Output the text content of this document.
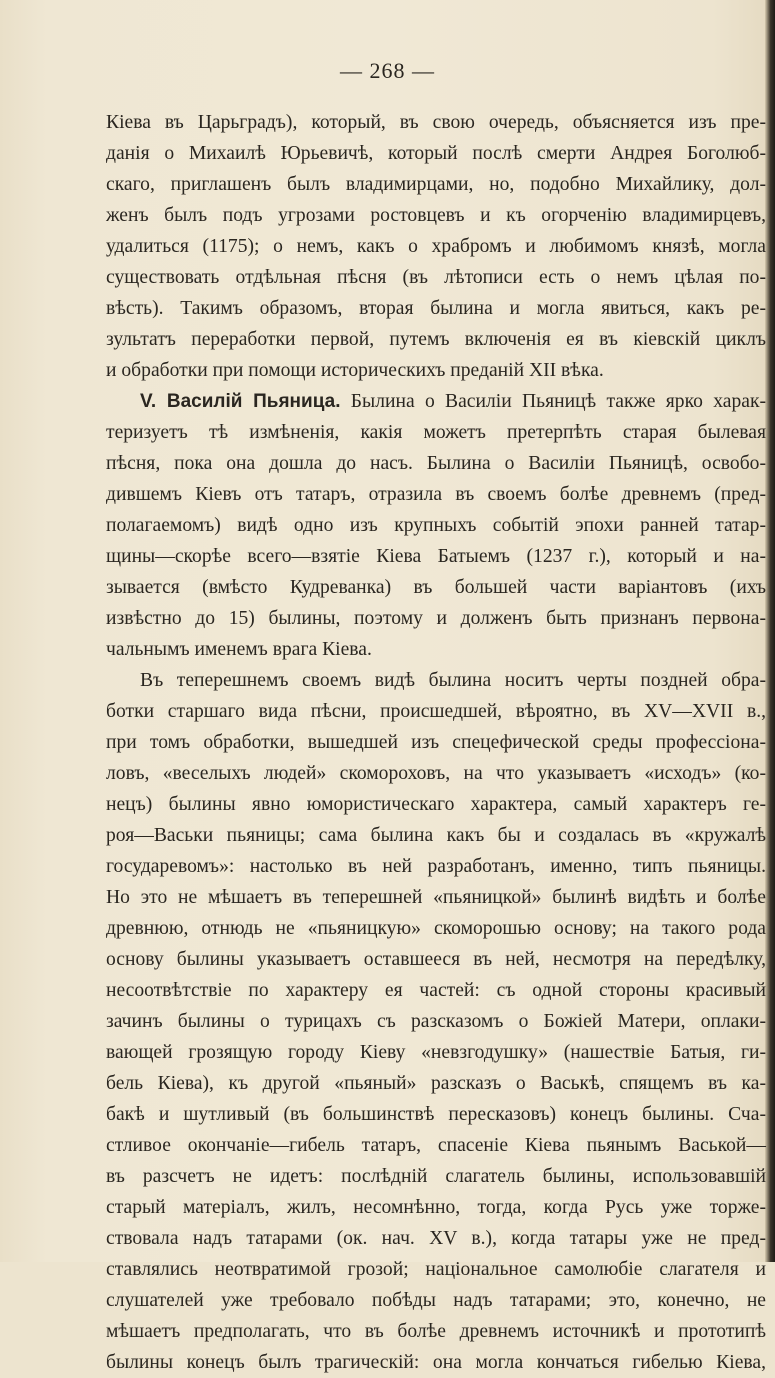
— 268 —
Кіева въ Царьградъ), который, въ свою очередь, объясняется изъ пре-
данія о Михаилѣ Юрьевичѣ, который послѣ смерти Андрея Боголюб-
скаго, приглашенъ былъ владимирцами, но, подобно Михайлику, дол-
женъ былъ подъ угрозами ростовцевъ и къ огорченію владимирцевъ,
удалиться (1175); о немъ, какъ о храбромъ и любимомъ князѣ, могла
существовать отдѣльная пѣсня (въ лѣтописи есть о немъ цѣлая по-
вѣсть). Такимъ образомъ, вторая былина и могла явиться, какъ ре-
зультатъ переработки первой, путемъ включенія ея въ кіевскій циклъ
и обработки при помощи историческихъ преданій XII вѣка.
V. Василій Пьяница. Былина о Василіи Пьяницѣ также ярко харак-
теризуетъ тѣ измѣненія, какія можетъ претерпѣть старая былевая
пѣсня, пока она дошла до насъ. Былина о Василіи Пьяницѣ, освобо-
дившемъ Кіевъ отъ татаръ, отразила въ своемъ болѣе древнемъ (пред-
полагаемомъ) видѣ одно изъ крупныхъ событій эпохи ранней татар-
щины—скорѣе всего—взятіе Кіева Батыемъ (1237 г.), который и на-
зывается (вмѣсто Кудреванка) въ большей части варіантовъ (ихъ
извѣстно до 15) былины, поэтому и долженъ быть признанъ первона-
чальнымъ именемъ врага Кіева.
Въ теперешнемъ своемъ видѣ былина носитъ черты поздней обра-
ботки старшаго вида пѣсни, происшедшей, вѣроятно, въ XV—XVII в.,
при томъ обработки, вышедшей изъ спецефической среды профессіона-
ловъ, «веселыхъ людей» скомороховъ, на что указываетъ «исходъ» (ко-
нецъ) былины явно юмористическаго характера, самый характеръ ге-
роя—Васьки пьяницы; сама былина какъ бы и создалась въ «кружалѣ
государевомъ»: настолько въ ней разработанъ, именно, типъ пьяницы.
Но это не мѣшаетъ въ теперешней «пьяницкой» былинѣ видѣть и болѣе
древнюю, отнюдь не «пьяницкую» скоморошью основу; на такого рода
основу былины указываетъ оставшееся въ ней, несмотря на передѣлку,
несоотвѣтствіе по характеру ея частей: съ одной стороны красивый
зачинъ былины о турицахъ съ разсказомъ о Божіей Матери, оплаки-
вающей грозящую городу Кіеву «невзгодушку» (нашествіе Батыя, ги-
бель Кіева), къ другой «пьяный» разсказъ о Васькѣ, спящемъ въ ка-
бакѣ и шутливый (въ большинствѣ пересказовъ) конецъ былины. Сча-
стливое окончаніе—гибель татаръ, спасеніе Кіева пьянымъ Васькой—
въ разсчетъ не идетъ: послѣдній слагатель былины, использовавшій
старый матеріалъ, жилъ, несомнѣнно, тогда, когда Русь уже торже-
ствовала надъ татарами (ок. нач. XV в.), когда татары уже не пред-
ставлялись неотвратимой грозой; національное самолюбіе слагателя и
слушателей уже требовало побѣды надъ татарами; это, конечно, не
мѣшаетъ предполагать, что въ болѣе древнемъ источникѣ и прототипѣ
былины конецъ былъ трагическій: она могла кончаться гибелью Кіева,
